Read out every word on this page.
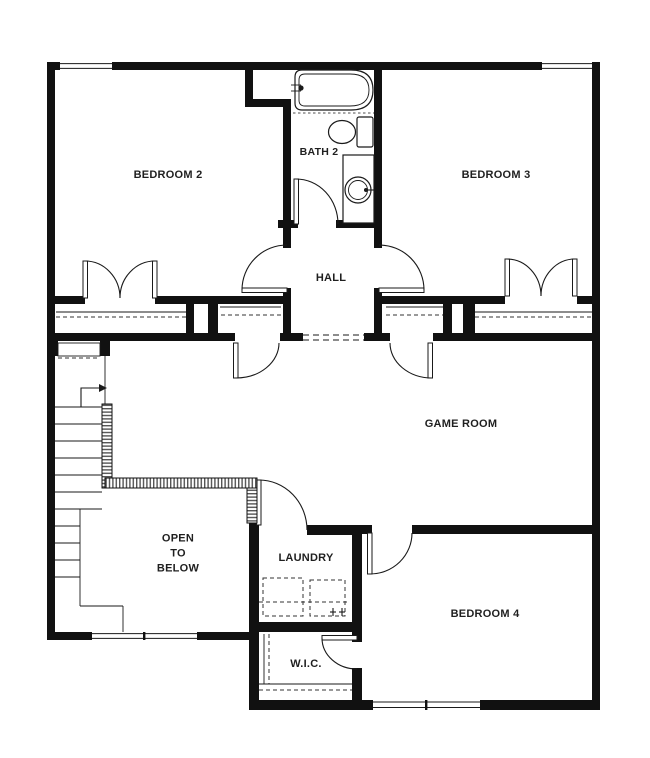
BEDROOM 2
BATH 2
BEDROOM 3
HALL
GAME ROOM
OPEN
TO
BELOW
LAUNDRY
W.I.C.
BEDROOM 4
